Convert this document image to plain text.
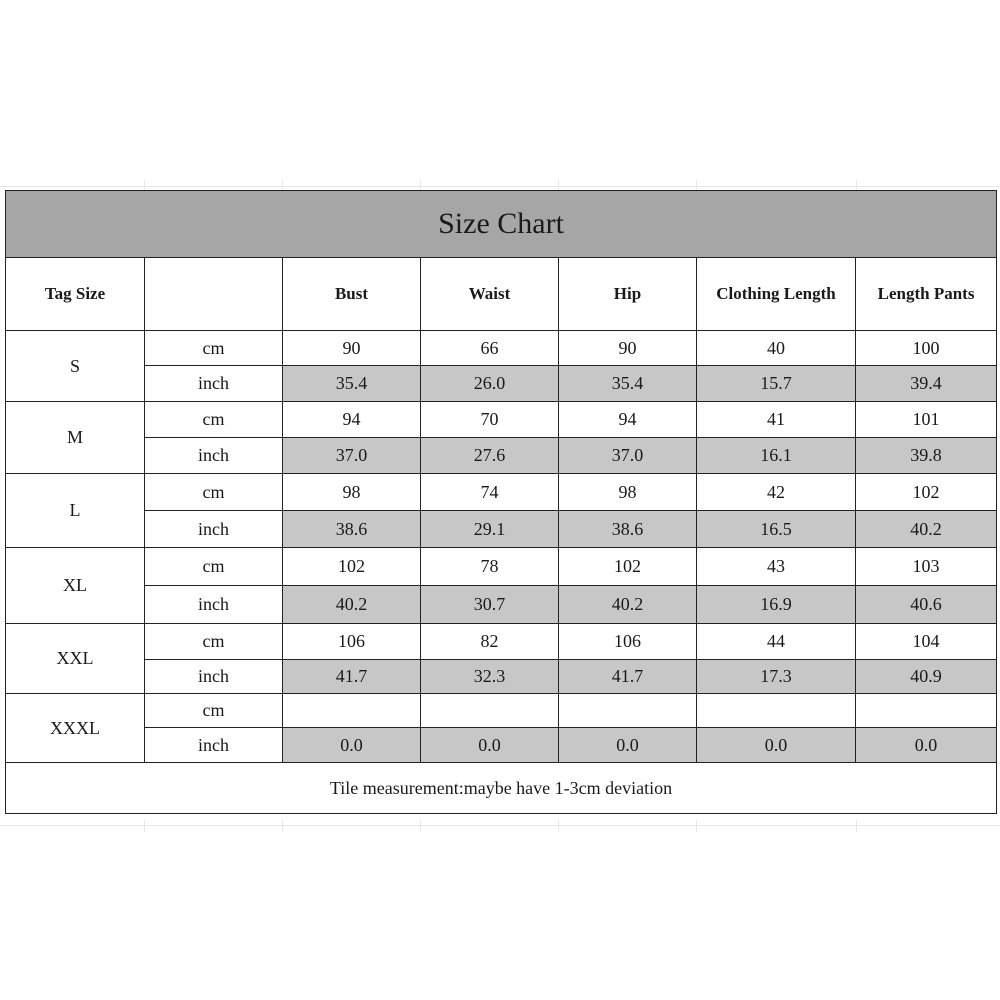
Size Chart						
Tag Size		Bust	Waist	Hip	Clothing Length	Length Pants
S	cm	90	66	90	40	100
	inch	35.4	26.0	35.4	15.7	39.4
M	cm	94	70	94	41	101
	inch	37.0	27.6	37.0	16.1	39.8
L	cm	98	74	98	42	102
	inch	38.6	29.1	38.6	16.5	40.2
XL	cm	102	78	102	43	103
	inch	40.2	30.7	40.2	16.9	40.6
XXL	cm	106	82	106	44	104
	inch	41.7	32.3	41.7	17.3	40.9
XXXL	cm					
	inch	0.0	0.0	0.0	0.0	0.0
Tile measurement:maybe have 1-3cm deviation						
